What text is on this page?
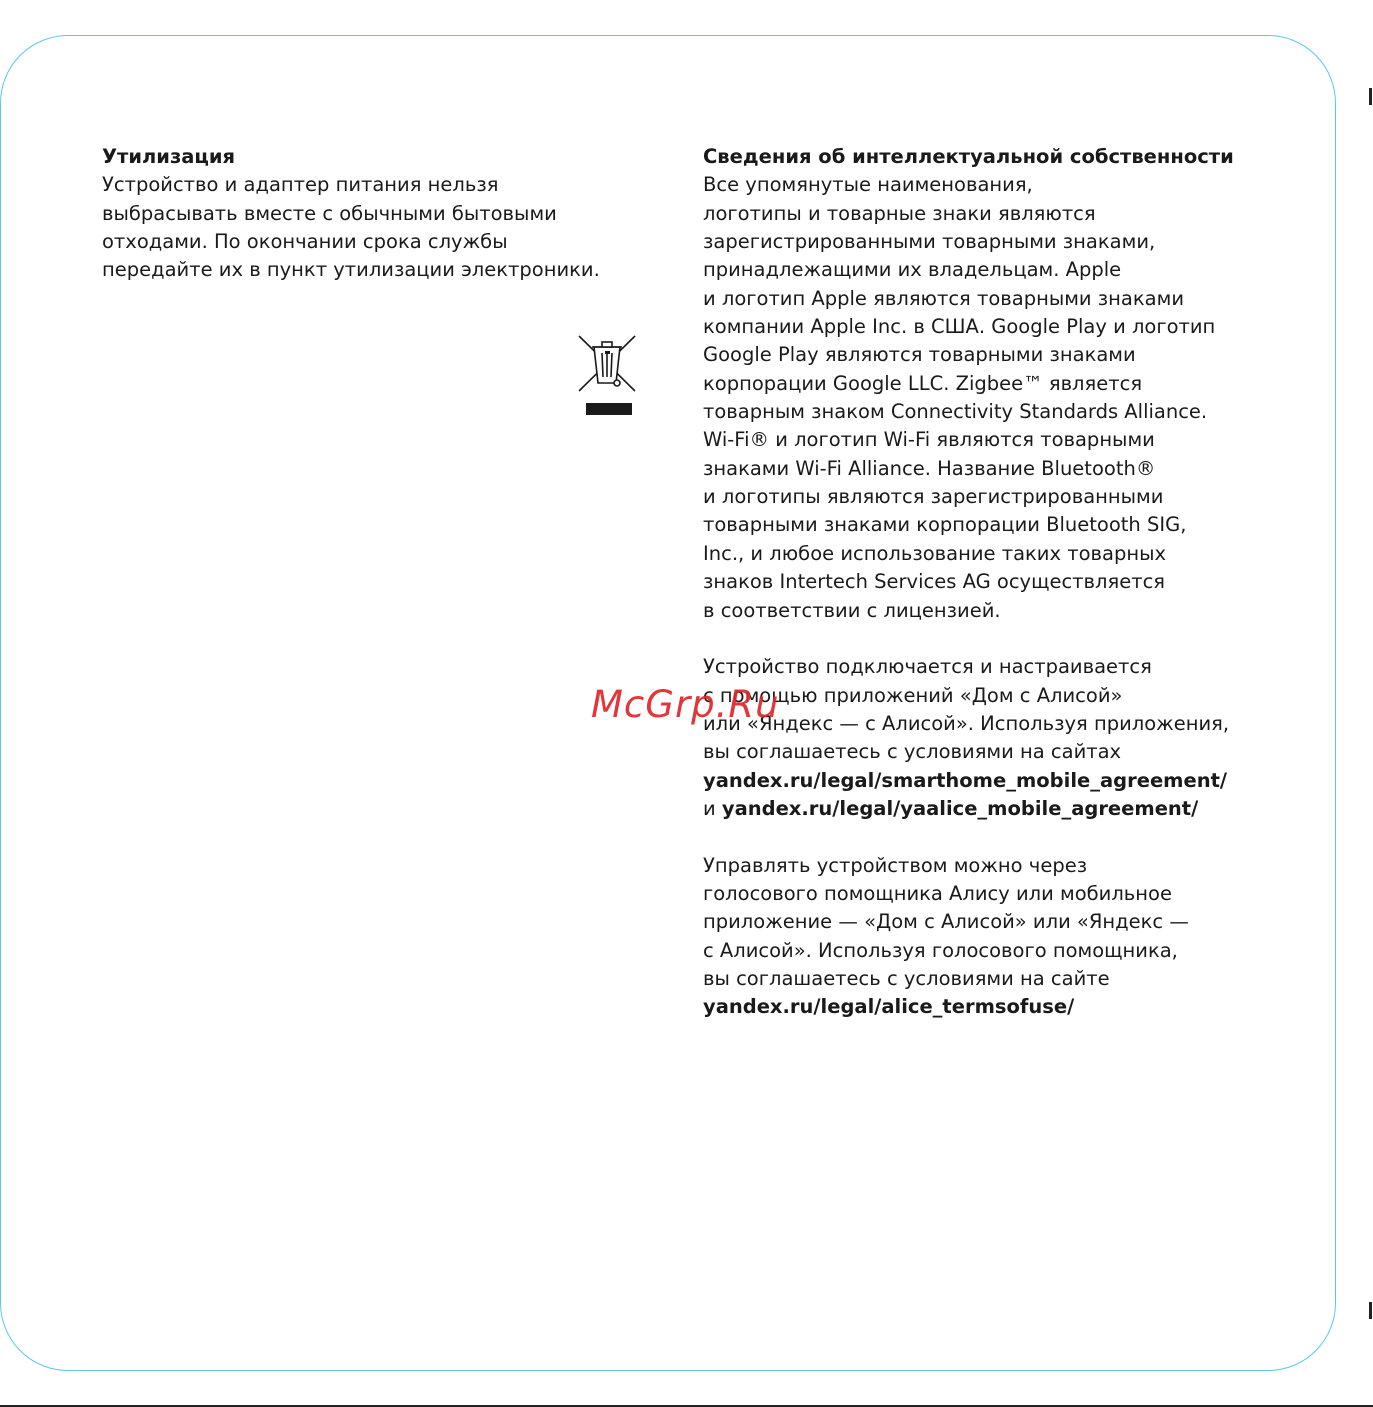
Утилизация

Устройство и адаптер питания нельзя
выбрасывать вместе с обычными бытовыми
отходами. По окончании срока службы
передайте их в пункт утилизации электроники.

Сведения об интеллектуальной собственности

Все упомянутые наименования,
логотипы и товарные знаки являются
зарегистрированными товарными знаками,
принадлежащими их владельцам. Apple
и логотип Apple являются товарными знаками
компании Apple Inc. в США. Google Play и логотип
Google Play являются товарными знаками
корпорации Google LLC. Zigbee™ является
товарным знаком Connectivity Standards Alliance.
Wi-Fi® и логотип Wi-Fi являются товарными
знаками Wi-Fi Alliance. Название Bluetooth®
и логотипы являются зарегистрированными
товарными знаками корпорации Bluetooth SIG,
Inc., и любое использование таких товарных
знаков Intertech Services AG осуществляется
в соответствии с лицензией.

Устройство подключается и настраивается
с помощью приложений «Дом с Алисой»
или «Яндекс — с Алисой». Используя приложения,
вы соглашаетесь с условиями на сайтах
yandex.ru/legal/smarthome_mobile_agreement/
и yandex.ru/legal/yaalice_mobile_agreement/

Управлять устройством можно через
голосового помощника Алису или мобильное
приложение — «Дом с Алисой» или «Яндекс —
с Алисой». Используя голосового помощника,
вы соглашаетесь с условиями на сайте
yandex.ru/legal/alice_termsofuse/

McGrp.Ru
